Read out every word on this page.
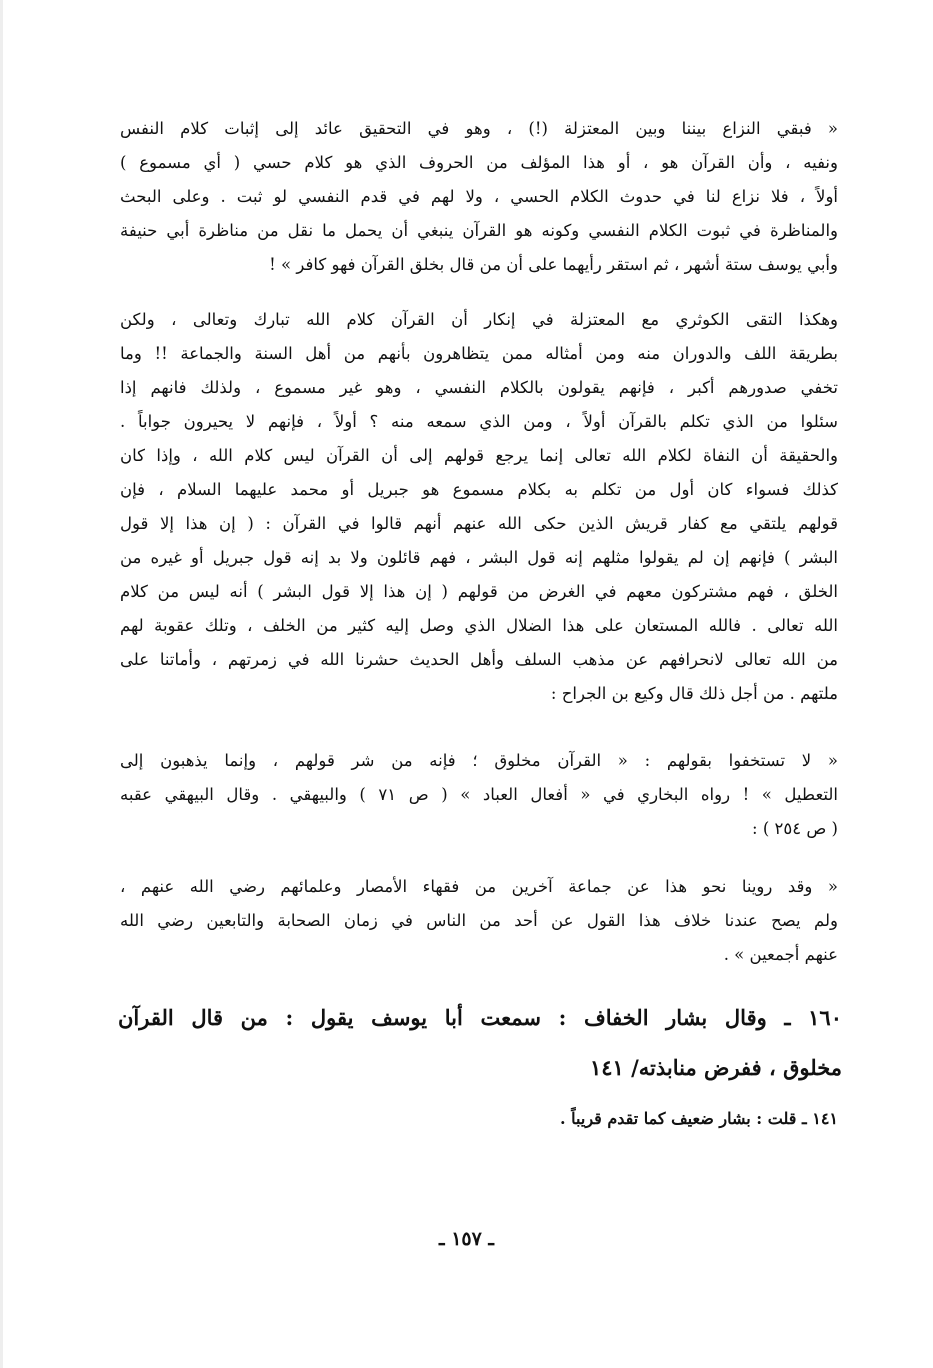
« فبقي النزاع بيننا وبين المعتزلة (!) ، وهو في التحقيق عائد إلى إثبات كلام النفس
ونفيه ، وأن القرآن هو ، أو هذا المؤلف من الحروف الذي هو كلام حسي ( أي مسموع )
أولاً ، فلا نزاع لنا في حدوث الكلام الحسي ، ولا لهم في قدم النفسي لو ثبت . وعلى البحث
والمناظرة في ثبوت الكلام النفسي وكونه هو القرآن ينبغي أن يحمل ما نقل من مناظرة أبي حنيفة
وأبي يوسف ستة أشهر ، ثم استقر رأيهما على أن من قال بخلق القرآن فهو كافر » !
وهكذا التقى الكوثري مع المعتزلة في إنكار أن القرآن كلام الله تبارك وتعالى ، ولكن
بطريقة اللف والدوران منه ومن أمثاله ممن يتظاهرون بأنهم من أهل السنة والجماعة !! وما
تخفي صدورهم أكبر ، فإنهم يقولون بالكلام النفسي ، وهو غير مسموع ، ولذلك فانهم إذا
سئلوا من الذي تكلم بالقرآن أولاً ، ومن الذي سمعه منه ؟ أولاً ، فإنهم لا يحيرون جواباً .
والحقيقة أن النفاة لكلام الله تعالى إنما يرجع قولهم إلى أن القرآن ليس كلام الله ، وإذا كان
كذلك فسواء كان أول من تكلم به بكلام مسموع هو جبريل أو محمد عليهما السلام ، فإن
قولهم يلتقي مع كفار قريش الذين حكى الله عنهم أنهم قالوا في القرآن : ( إن هذا إلا قول
البشر ) فإنهم إن لم يقولوا مثلهم إنه قول البشر ، فهم قائلون ولا بد إنه قول جبريل أو غيره من
الخلق ، فهم مشتركون معهم في الغرض من قولهم ( إن هذا إلا قول البشر ) أنه ليس من كلام
الله تعالى . فالله المستعان على هذا الضلال الذي وصل إليه كثير من الخلف ، وتلك عقوبة لهم
من الله تعالى لانحرافهم عن مذهب السلف وأهل الحديث حشرنا الله في زمرتهم ، وأماتنا على
ملتهم . من أجل ذلك قال وكيع بن الجراح :
« لا تستخفوا بقولهم : « القرآن مخلوق ؛ فإنه من شر قولهم ، وإنما يذهبون إلى
التعطيل » ! رواه البخاري في « أفعال العباد » ( ص ٧١ ) والبيهقي . وقال البيهقي عقبه
( ص ٢٥٤ ) :
« وقد روينا نحو هذا عن جماعة آخرين من فقهاء الأمصار وعلمائهم رضي الله عنهم ،
ولم يصح عندنا خلاف هذا القول عن أحد من الناس في زمان الصحابة والتابعين رضي الله
عنهم أجمعين » .
١٦٠ ـ وقال بشار الخفاف : سمعت أبا يوسف يقول : من قال القرآن
مخلوق ، ففرض منابذته/ ١٤١
١٤١ ـ قلت : بشار ضعيف كما تقدم قريباً .
ـ ١٥٧ ـ
